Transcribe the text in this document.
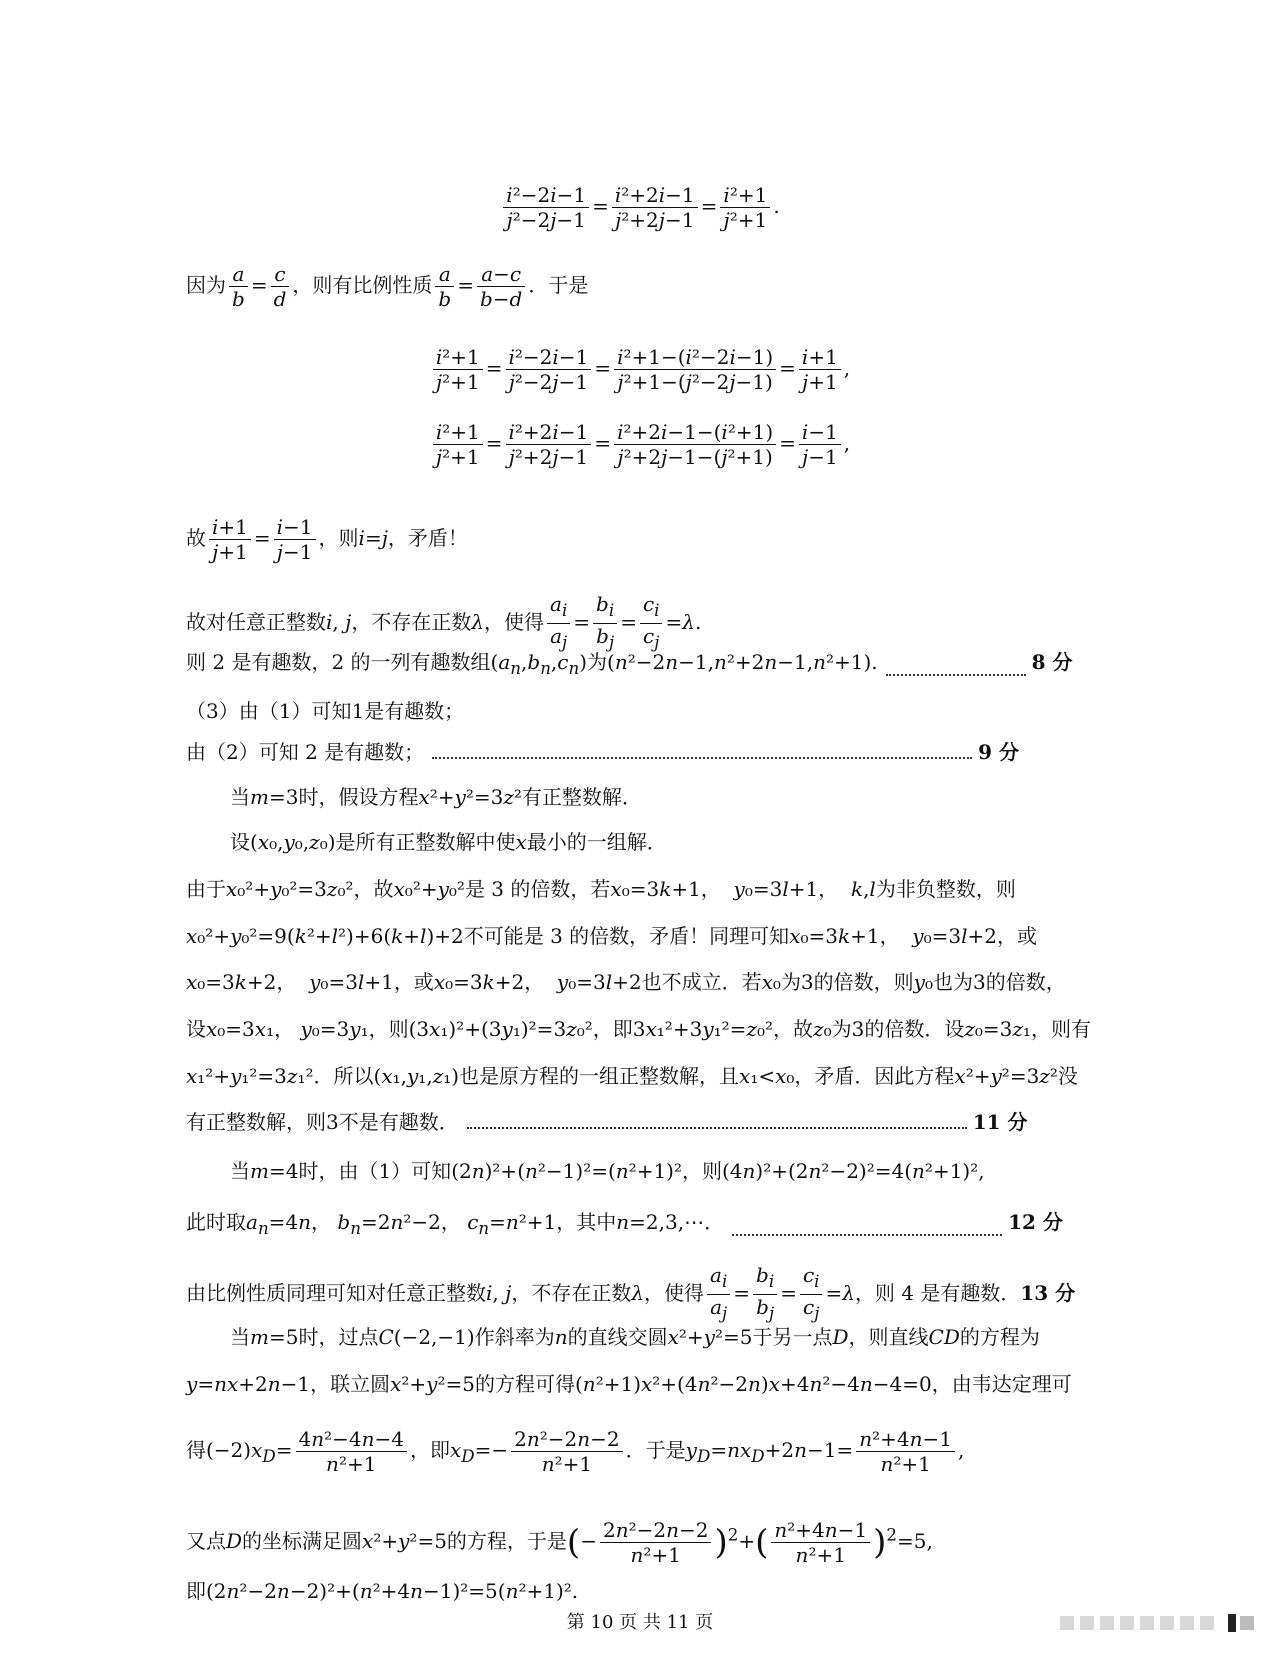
$\frac{\text{i²−2i−1}}{\text{j²−2j−1}} = \frac{\text{i²+2i−1}}{\text{j²+2j−1}} = \frac{\text{i²+1}}{\text{j²+1}}$ .
因为 $\frac{a}{b} = \frac{c}{d}$ ，则有比例性质 $\frac{a}{b} = \frac{a-c}{b-d}$ ．于是
$\frac{\text{i²+1}}{\text{j²+1}} = \frac{\text{i²−2i−1}}{\text{j²−2j−1}} = \frac{\text{i²+1−(i²−2i−1)}}{\text{j²+1−(j²−2j−1)}} = \frac{i+1}{j+1}$ ,
$\frac{\text{i²+1}}{\text{j²+1}} = \frac{\text{i²+2i−1}}{\text{j²+2j−1}} = \frac{\text{i²+2i−1−(i²+1)}}{\text{j²+2j−1−(j²+1)}} = \frac{i-1}{j-1}$ ,
故 $\frac{i+1}{j+1} = \frac{i-1}{j-1}$ ，则i=j，矛盾！
故对任意正整数i, j，不存在正数λ，使得 $\frac{a_i}{a_j} = \frac{b_i}{b_j} = \frac{c_i}{c_j} =\lambda$.
则 2 是有趣数，2 的一列有趣数组$(a_n,b_n,c_n)$为(n²−2n−1,n²+2n−1,n²+1).	8 分
（3）由（1）可知1是有趣数；
由（2）可知 2 是有趣数；	9 分
当m=3时，假设方程x²+y²=3z²有正整数解．
设(x₀,y₀,z₀)是所有正整数解中使x最小的一组解．
由于x₀²+y₀²=3z₀²，故x₀²+y₀²是 3 的倍数，若x₀=3k+1，  y₀=3l+1，  k,l为非负整数，则
x₀²+y₀²=9(k²+l²)+6(k+l)+2不可能是 3 的倍数，矛盾！同理可知x₀=3k+1，  y₀=3l+2，或
x₀=3k+2，  y₀=3l+1，或x₀=3k+2，  y₀=3l+2也不成立．若x₀为3的倍数，则y₀也为3的倍数，
设x₀=3x₁， y₀=3y₁，则(3x₁)²+(3y₁)²=3z₀²，即3x₁²+3y₁²=z₀²，故z₀为3的倍数．设z₀=3z₁，则有
x₁²+y₁²=3z₁²．所以(x₁,y₁,z₁)也是原方程的一组正整数解，且x₁<x₀，矛盾．因此方程x²+y²=3z²没
有正整数解，则3不是有趣数．	11 分
当m=4时，由（1）可知(2n)²+(n²−1)²=(n²+1)²，则(4n)²+(2n²−2)²=4(n²+1)²,
此时取$a_n=4n$， $b_n=2n^2-2$， $c_n=n^2+1$，其中n=2,3,⋯．	12 分
由比例性质同理可知对任意正整数i, j，不存在正数λ，使得 $\frac{a_i}{a_j} = \frac{b_i}{b_j} = \frac{c_i}{c_j} =\lambda$，则 4 是有趣数．13 分
当m=5时，过点C(−2,−1)作斜率为n的直线交圆x²+y²=5于另一点D，则直线CD的方程为
y=nx+2n−1，联立圆x²+y²=5的方程可得(n²+1)x²+(4n²−2n)x+4n²−4n−4=0，由韦达定理可
得$(-2)x_D= \frac{\text{4n²−4n−4}}{\text{n²+1}}$ ，即$x_D=- \frac{\text{2n²−2n−2}}{\text{n²+1}}$ ．于是$y_D=nx_D+2n-1= \frac{\text{n²+4n−1}}{\text{n²+1}}$ ,
又点D的坐标满足圆x²+y²=5的方程，于是(− $\frac{\text{2n²−2n−2}}{\text{n²+1}} )^2+( \frac{\text{n²+4n−1}}{\text{n²+1}} )^2=5$,
即(2n²−2n−2)²+(n²+4n−1)²=5(n²+1)².
第 10 页 共 11 页
